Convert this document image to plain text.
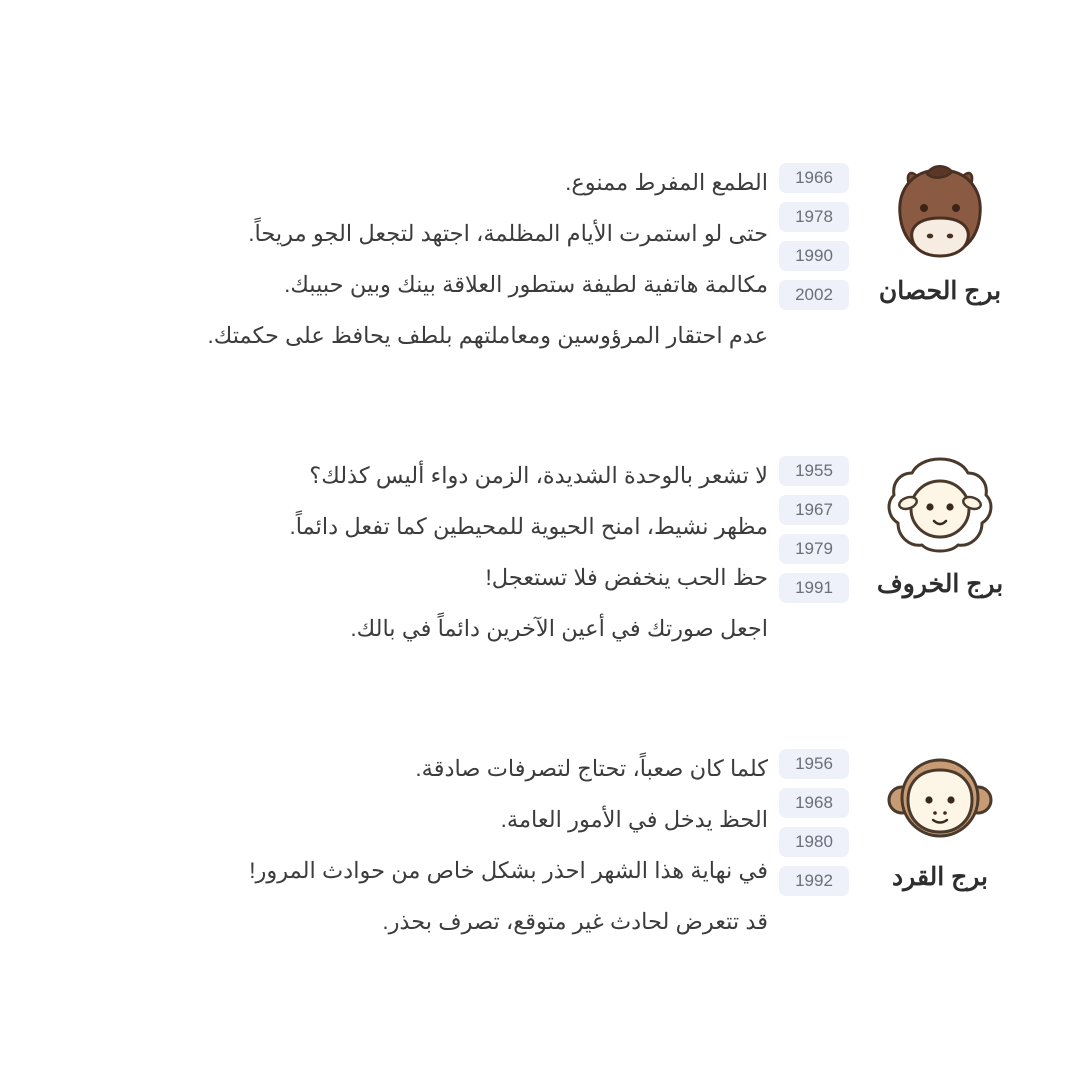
برج الحصان
1966
1978
1990
2002
الطمع المفرط ممنوع.
حتى لو استمرت الأيام المظلمة، اجتهد لتجعل الجو مريحاً.
مكالمة هاتفية لطيفة ستطور العلاقة بينك وبين حبيبك.
عدم احتقار المرؤوسين ومعاملتهم بلطف يحافظ على حكمتك.
برج الخروف
1955
1967
1979
1991
لا تشعر بالوحدة الشديدة، الزمن دواء أليس كذلك؟
مظهر نشيط، امنح الحيوية للمحيطين كما تفعل دائماً.
حظ الحب ينخفض فلا تستعجل!
اجعل صورتك في أعين الآخرين دائماً في بالك.
برج القرد
1956
1968
1980
1992
كلما كان صعباً، تحتاج لتصرفات صادقة.
الحظ يدخل في الأمور العامة.
في نهاية هذا الشهر احذر بشكل خاص من حوادث المرور!
قد تتعرض لحادث غير متوقع، تصرف بحذر.
